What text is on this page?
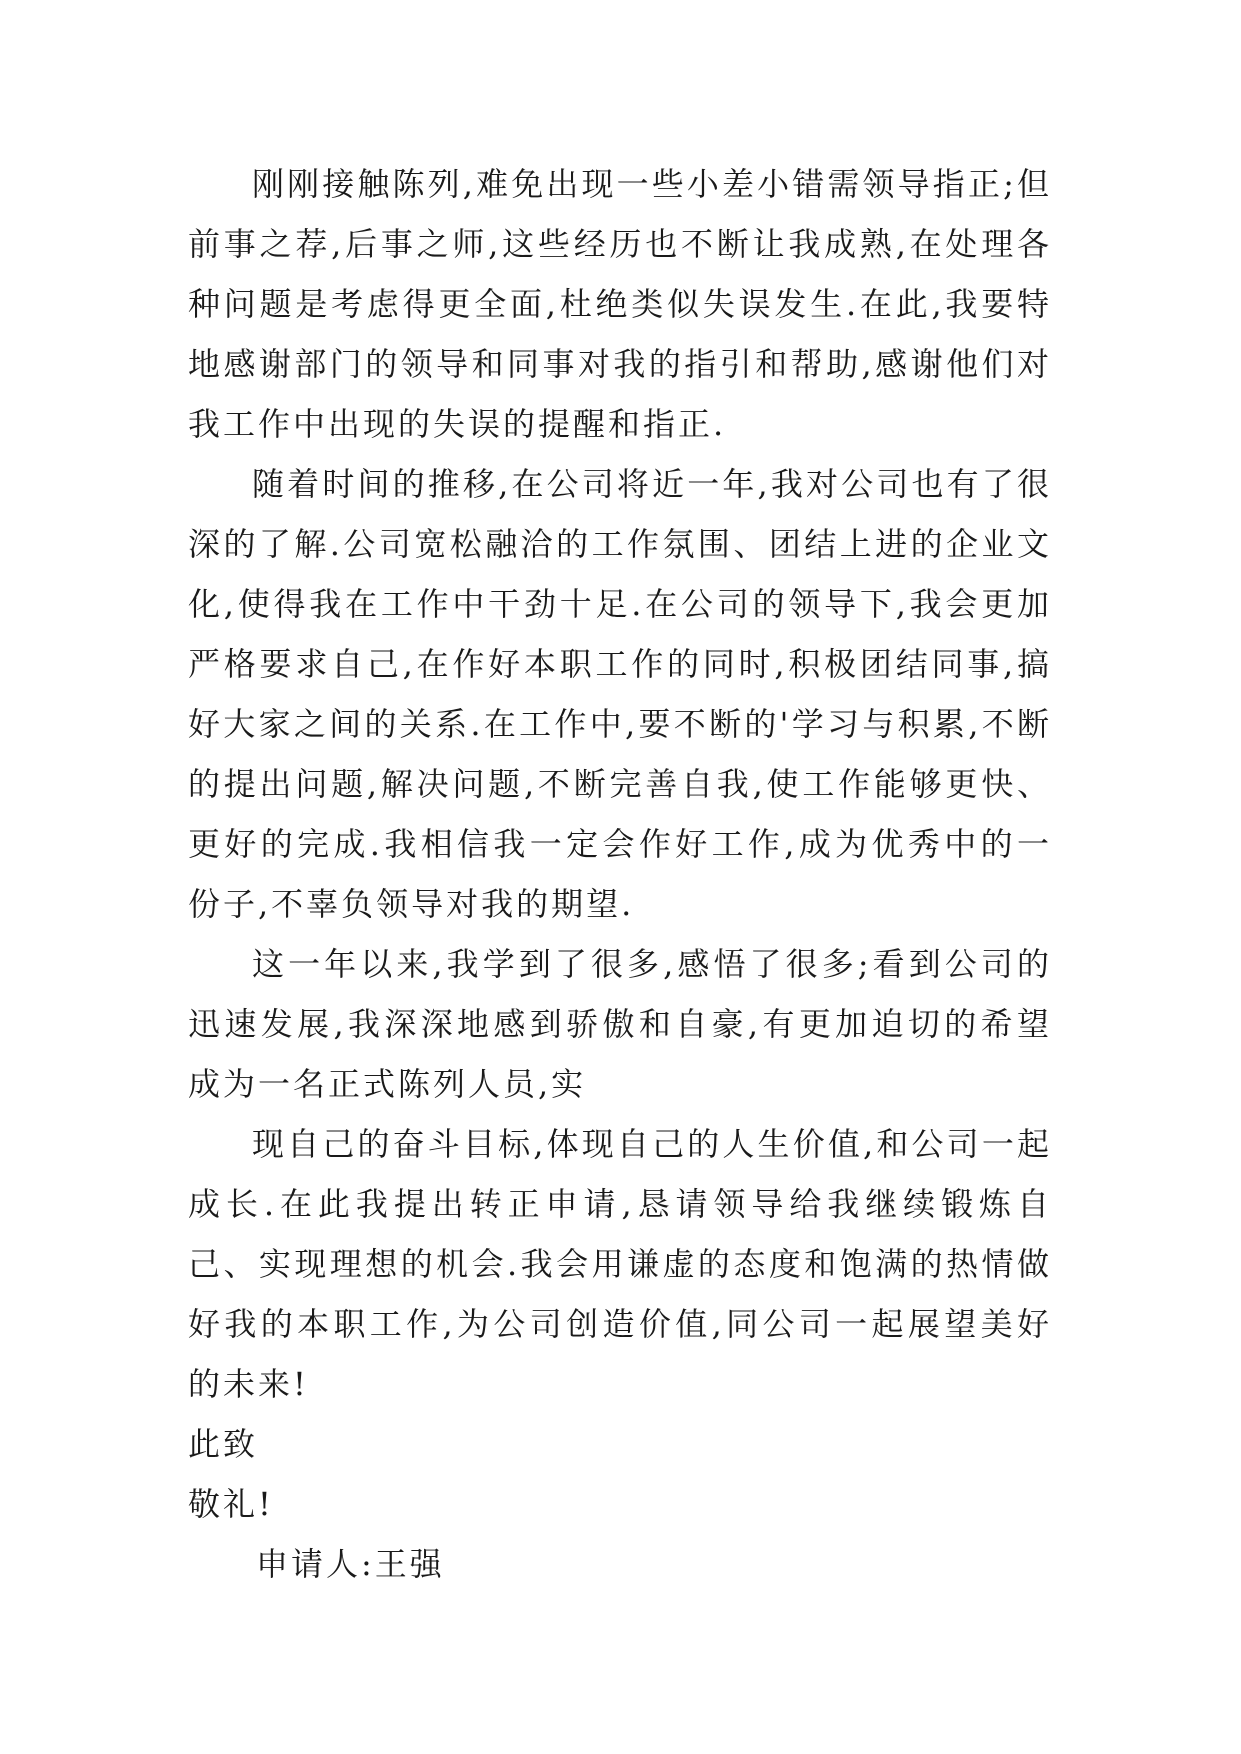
刚刚接触陈列,难免出现一些小差小错需领导指正;但前事之荐,后事之师,这些经历也不断让我成熟,在处理各种问题是考虑得更全面,杜绝类似失误发生.在此,我要特地感谢部门的领导和同事对我的指引和帮助,感谢他们对我工作中出现的失误的提醒和指正.

随着时间的推移,在公司将近一年,我对公司也有了很深的了解.公司宽松融洽的工作氛围、团结上进的企业文化,使得我在工作中干劲十足.在公司的领导下,我会更加严格要求自己,在作好本职工作的同时,积极团结同事,搞好大家之间的关系.在工作中,要不断的'学习与积累,不断的提出问题,解决问题,不断完善自我,使工作能够更快、更好的完成.我相信我一定会作好工作,成为优秀中的一份子,不辜负领导对我的期望.

这一年以来,我学到了很多,感悟了很多;看到公司的迅速发展,我深深地感到骄傲和自豪,有更加迫切的希望成为一名正式陈列人员,实

现自己的奋斗目标,体现自己的人生价值,和公司一起成长.在此我提出转正申请,恳请领导给我继续锻炼自己、实现理想的机会.我会用谦虚的态度和饱满的热情做好我的本职工作,为公司创造价值,同公司一起展望美好的未来!

此致

敬礼!

申请人:王强
